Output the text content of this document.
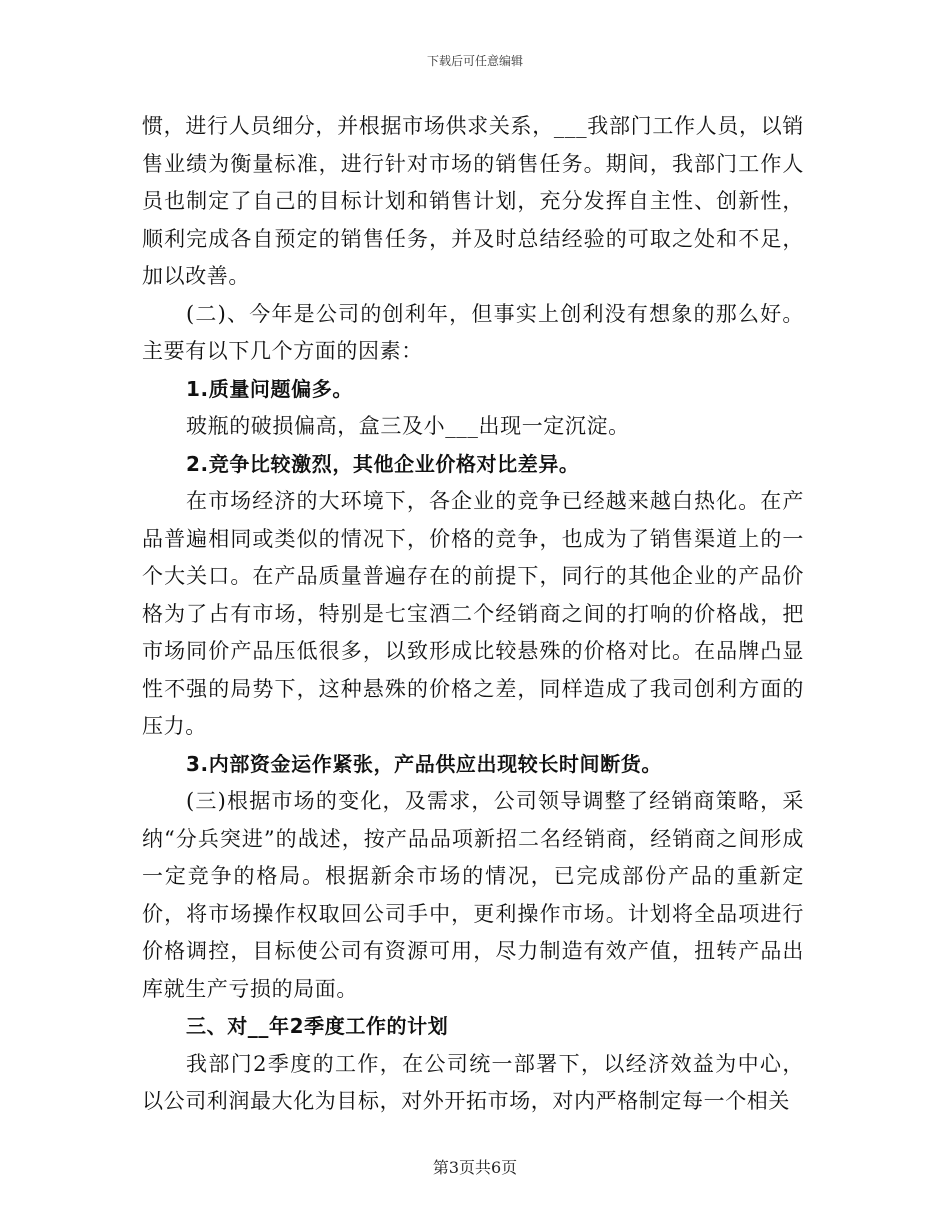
下载后可任意编辑

惯，进行人员细分，并根据市场供求关系，___我部门工作人员，以销售业绩为衡量标准，进行针对市场的销售任务。期间，我部门工作人员也制定了自己的目标计划和销售计划，充分发挥自主性、创新性，顺利完成各自预定的销售任务，并及时总结经验的可取之处和不足，加以改善。

(二)、今年是公司的创利年，但事实上创利没有想象的那么好。主要有以下几个方面的因素：

1.质量问题偏多。

玻瓶的破损偏高，盒三及小___出现一定沉淀。

2.竞争比较激烈，其他企业价格对比差异。

在市场经济的大环境下，各企业的竞争已经越来越白热化。在产品普遍相同或类似的情况下，价格的竞争，也成为了销售渠道上的一个大关口。在产品质量普遍存在的前提下，同行的其他企业的产品价格为了占有市场，特别是七宝酒二个经销商之间的打响的价格战，把市场同价产品压低很多，以致形成比较悬殊的价格对比。在品牌凸显性不强的局势下，这种悬殊的价格之差，同样造成了我司创利方面的压力。

3.内部资金运作紧张，产品供应出现较长时间断货。

(三)根据市场的变化，及需求，公司领导调整了经销商策略，采纳“分兵突进”的战述，按产品品项新招二名经销商，经销商之间形成一定竞争的格局。根据新余市场的情况，已完成部份产品的重新定价，将市场操作权取回公司手中，更利操作市场。计划将全品项进行价格调控，目标使公司有资源可用，尽力制造有效产值，扭转产品出库就生产亏损的局面。

三、对__年2季度工作的计划

我部门2季度的工作，在公司统一部署下，以经济效益为中心，以公司利润最大化为目标，对外开拓市场，对内严格制定每一个相关

第3页共6页
